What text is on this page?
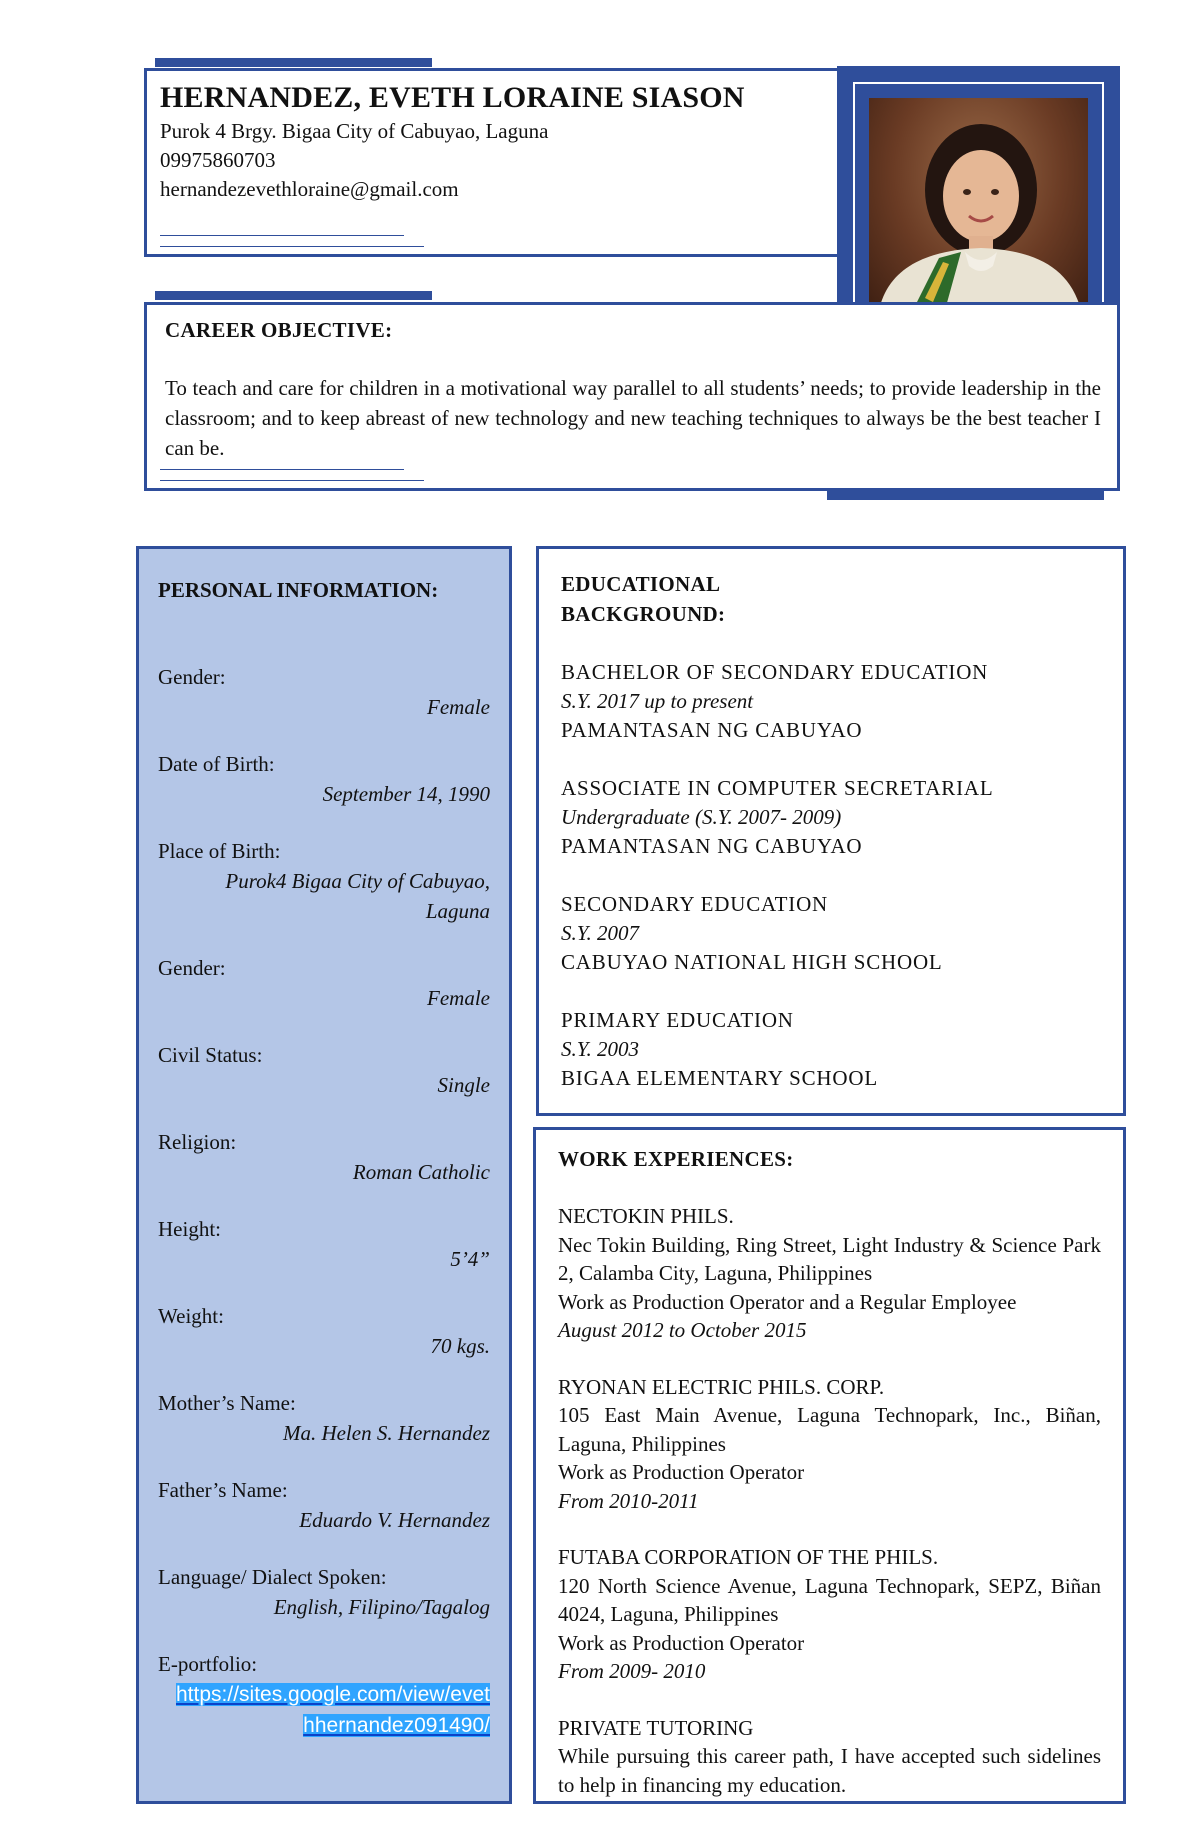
HERNANDEZ, EVETH LORAINE SIASON
Purok 4 Brgy. Bigaa City of Cabuyao, Laguna
09975860703
hernandezevethloraine@gmail.com
CAREER OBJECTIVE:
To teach and care for children in a motivational way parallel to all students’ needs; to provide leadership in the classroom; and to keep abreast of new technology and new teaching techniques to always be the best teacher I can be.
PERSONAL INFORMATION:
Gender:
Female
Date of Birth:
September 14, 1990
Place of Birth:
Purok4 Bigaa City of Cabuyao, Laguna
Gender:
Female
Civil Status:
Single
Religion:
Roman Catholic
Height:
5’4”
Weight:
70 kgs.
Mother’s Name:
Ma. Helen S. Hernandez
Father’s Name:
Eduardo V. Hernandez
Language/ Dialect Spoken:
English, Filipino/Tagalog
E-portfolio:
https://sites.google.com/view/evet
hhernandez091490/
EDUCATIONAL
BACKGROUND:
BACHELOR OF SECONDARY EDUCATION
S.Y. 2017 up to present
PAMANTASAN NG CABUYAO
ASSOCIATE IN COMPUTER SECRETARIAL
Undergraduate (S.Y. 2007- 2009)
PAMANTASAN NG CABUYAO
SECONDARY EDUCATION
S.Y. 2007
CABUYAO NATIONAL HIGH SCHOOL
PRIMARY EDUCATION
S.Y. 2003
BIGAA ELEMENTARY SCHOOL
WORK EXPERIENCES:
NECTOKIN PHILS.
Nec Tokin Building, Ring Street, Light Industry & Science Park 2, Calamba City, Laguna, Philippines
Work as Production Operator and a Regular Employee
August 2012 to October 2015
RYONAN ELECTRIC PHILS. CORP.
105 East Main Avenue, Laguna Technopark, Inc., Biñan, Laguna, Philippines
Work as Production Operator
From 2010-2011
FUTABA CORPORATION OF THE PHILS.
120 North Science Avenue, Laguna Technopark, SEPZ, Biñan 4024, Laguna, Philippines
Work as Production Operator
From 2009- 2010
PRIVATE TUTORING
While pursuing this career path, I have accepted such sidelines to help in financing my education.
